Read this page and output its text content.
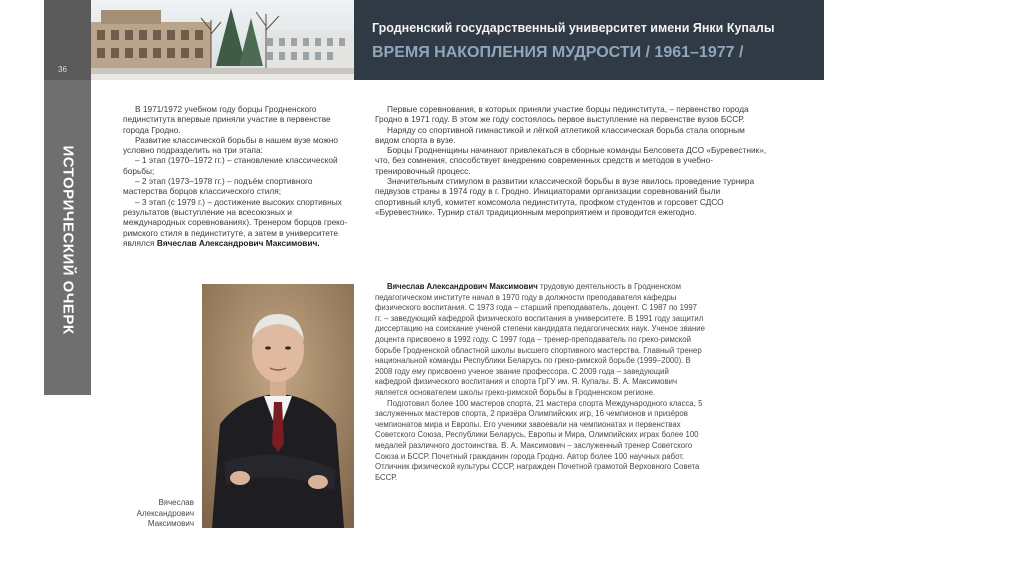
36
ИСТОРИЧЕСКИЙ ОЧЕРК
Гродненский государственный университет имени Янки Купалы
ВРЕМЯ НАКОПЛЕНИЯ МУДРОСТИ / 1961–1977 /

В 1971/1972 учебном году борцы Гродненского пединститута впервые приняли участие в первенстве города Гродно.

Развитие классической борьбы в нашем вузе можно условно подразделить на три этапа:

– 1 этап (1970–1972 гг.) – становление классической борьбы;

– 2 этап (1973–1978 гг.) – подъём спортивного мастерства борцов классического стиля;

– 3 этап (с 1979 г.) – достижение высоких спортивных результатов (выступление на всесоюзных и международных соревнованиях). Тренером борцов греко-римского стиля в пединституте, а затем в университете являлся Вячеслав Александрович Максимович.

Первые соревнования, в которых приняли участие борцы пединститута, – первенство города Гродно в 1971 году. В этом же году состоялось первое выступление на первенстве вузов БССР.

Наряду со спортивной гимнастикой и лёгкой атлетикой классическая борьба стала опорным видом спорта в вузе.

Борцы Гродненщины начинают привлекаться в сборные команды Белсовета ДСО «Буревестник», что, без сомнения, способствует внедрению современных средств и методов в учебно-тренировочный процесс.

Значительным стимулом в развитии классической борьбы в вузе явилось проведение турнира педвузов страны в 1974 году в г. Гродно. Инициаторами организации соревнований были спортивный клуб, комитет комсомола пединститута, профком студентов и горсовет СДСО «Буревестник». Турнир стал традиционным мероприятием и проводится ежегодно.

Вячеслав
Александрович
Максимович

Вячеслав Александрович Максимович трудовую деятельность в Гродненском педагогическом институте начал в 1970 году в должности преподавателя кафедры физического воспитания. С 1973 года – старший преподаватель, доцент. С 1987 по 1997 гг. – заведующий кафедрой физического воспитания в университете. В 1991 году защитил диссертацию на соискание ученой степени кандидата педагогических наук. Ученое звание доцента присвоено в 1992 году. С 1997 года – тренер-преподаватель по греко-римской борьбе Гродненской областной школы высшего спортивного мастерства. Главный тренер национальной команды Республики Беларусь по греко-римской борьбе (1999–2000). В 2008 году ему присвоено ученое звание профессора. С 2009 года – заведующий кафедрой физического воспитания и спорта ГрГУ им. Я. Купалы. В. А. Максимович является основателем школы греко-римской борьбы в Гродненском регионе.

Подготовил более 100 мастеров спорта, 21 мастера спорта Международного класса, 5 заслуженных мастеров спорта, 2 призёра Олимпийских игр, 16 чемпионов и призёров чемпионатов мира и Европы. Его ученики завоевали на чемпионатах и первенствах Советского Союза, Республики Беларусь, Европы и Мира, Олимпийских играх более 100 медалей различного достоинства. В. А. Максимович – заслуженный тренер Советского Союза и БССР. Почетный гражданин города Гродно. Автор более 100 научных работ. Отличник физической культуры СССР, награжден Почетной грамотой Верховного Совета БССР.
